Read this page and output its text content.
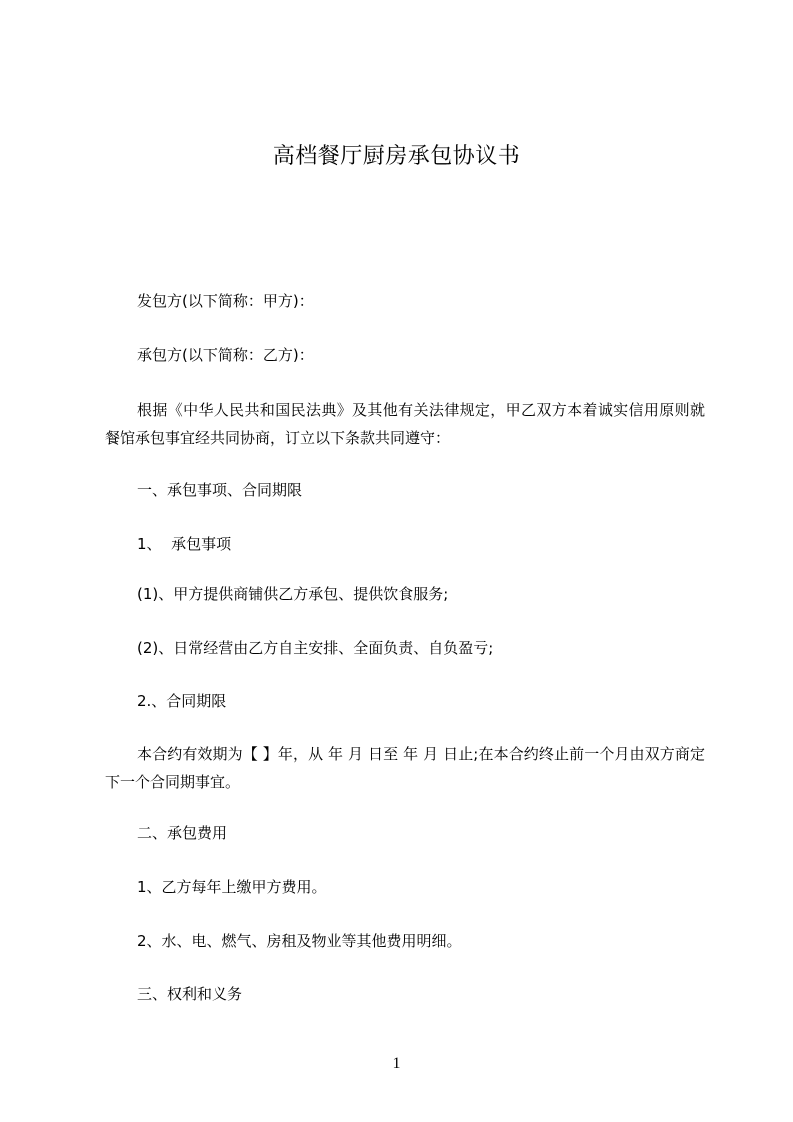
高档餐厅厨房承包协议书
发包方(以下简称：甲方)：
承包方(以下简称：乙方)：
根据《中华人民共和国民法典》及其他有关法律规定，甲乙双方本着诚实信用原则就餐馆承包事宜经共同协商，订立以下条款共同遵守：
一、承包事项、合同期限
1、  承包事项
(1)、甲方提供商铺供乙方承包、提供饮食服务;
(2)、日常经营由乙方自主安排、全面负责、自负盈亏;
2.、合同期限
本合约有效期为【 】年，从 年 月 日至 年 月 日止;在本合约终止前一个月由双方商定下一个合同期事宜。
二、承包费用
1、乙方每年上缴甲方费用。
2、水、电、燃气、房租及物业等其他费用明细。
三、权利和义务
1
